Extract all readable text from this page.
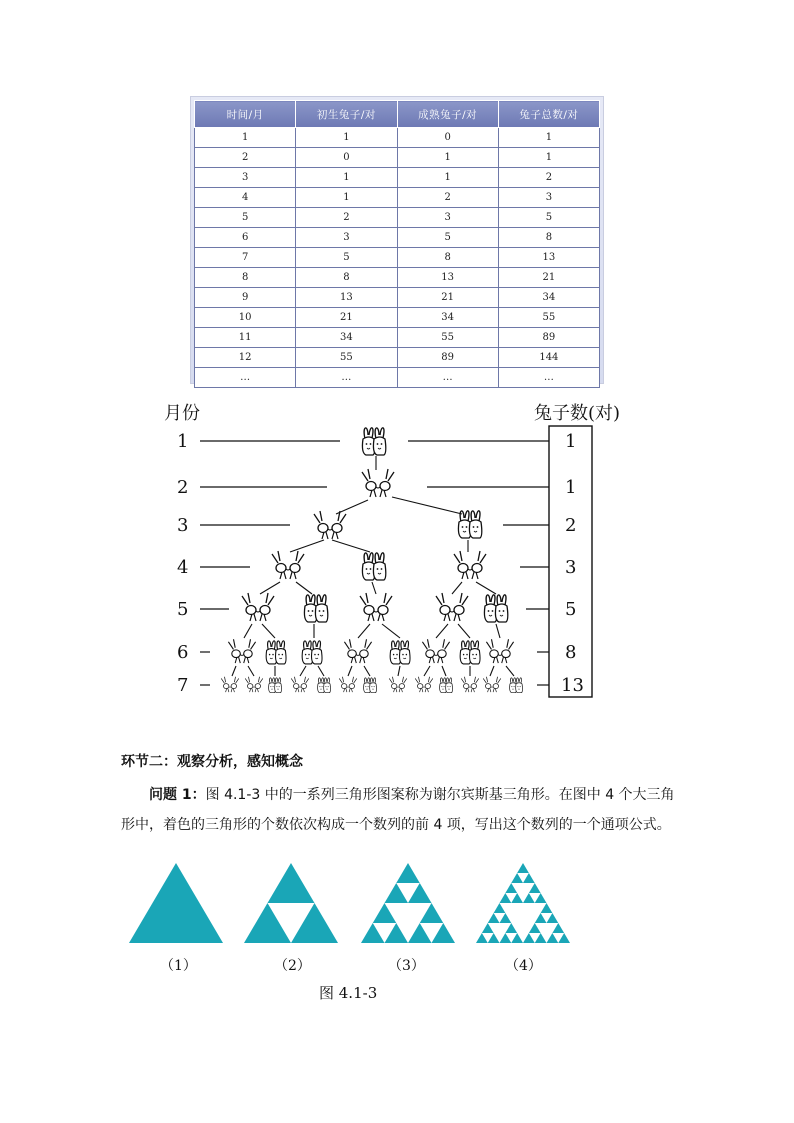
时间/月	初生兔子/对	成熟兔子/对	兔子总数/对
1	1	0	1
2	0	1	1
3	1	1	2
4	1	2	3
5	2	3	5
6	3	5	8
7	5	8	13
8	8	13	21
9	13	21	34
10	21	34	55
11	34	55	89
12	55	89	144
…	…	…	…
月份	兔子数(对)
1
2
3
4
5
6
7
1
1
2
3
5
8
13
环节二：观察分析，感知概念
问题 1：图 4.1-3 中的一系列三角形图案称为谢尔宾斯基三角形。在图中 4 个大三角形中，着色的三角形的个数依次构成一个数列的前 4 项，写出这个数列的一个通项公式。
（1）	（2）	（3）	（4）
图 4.1-3
